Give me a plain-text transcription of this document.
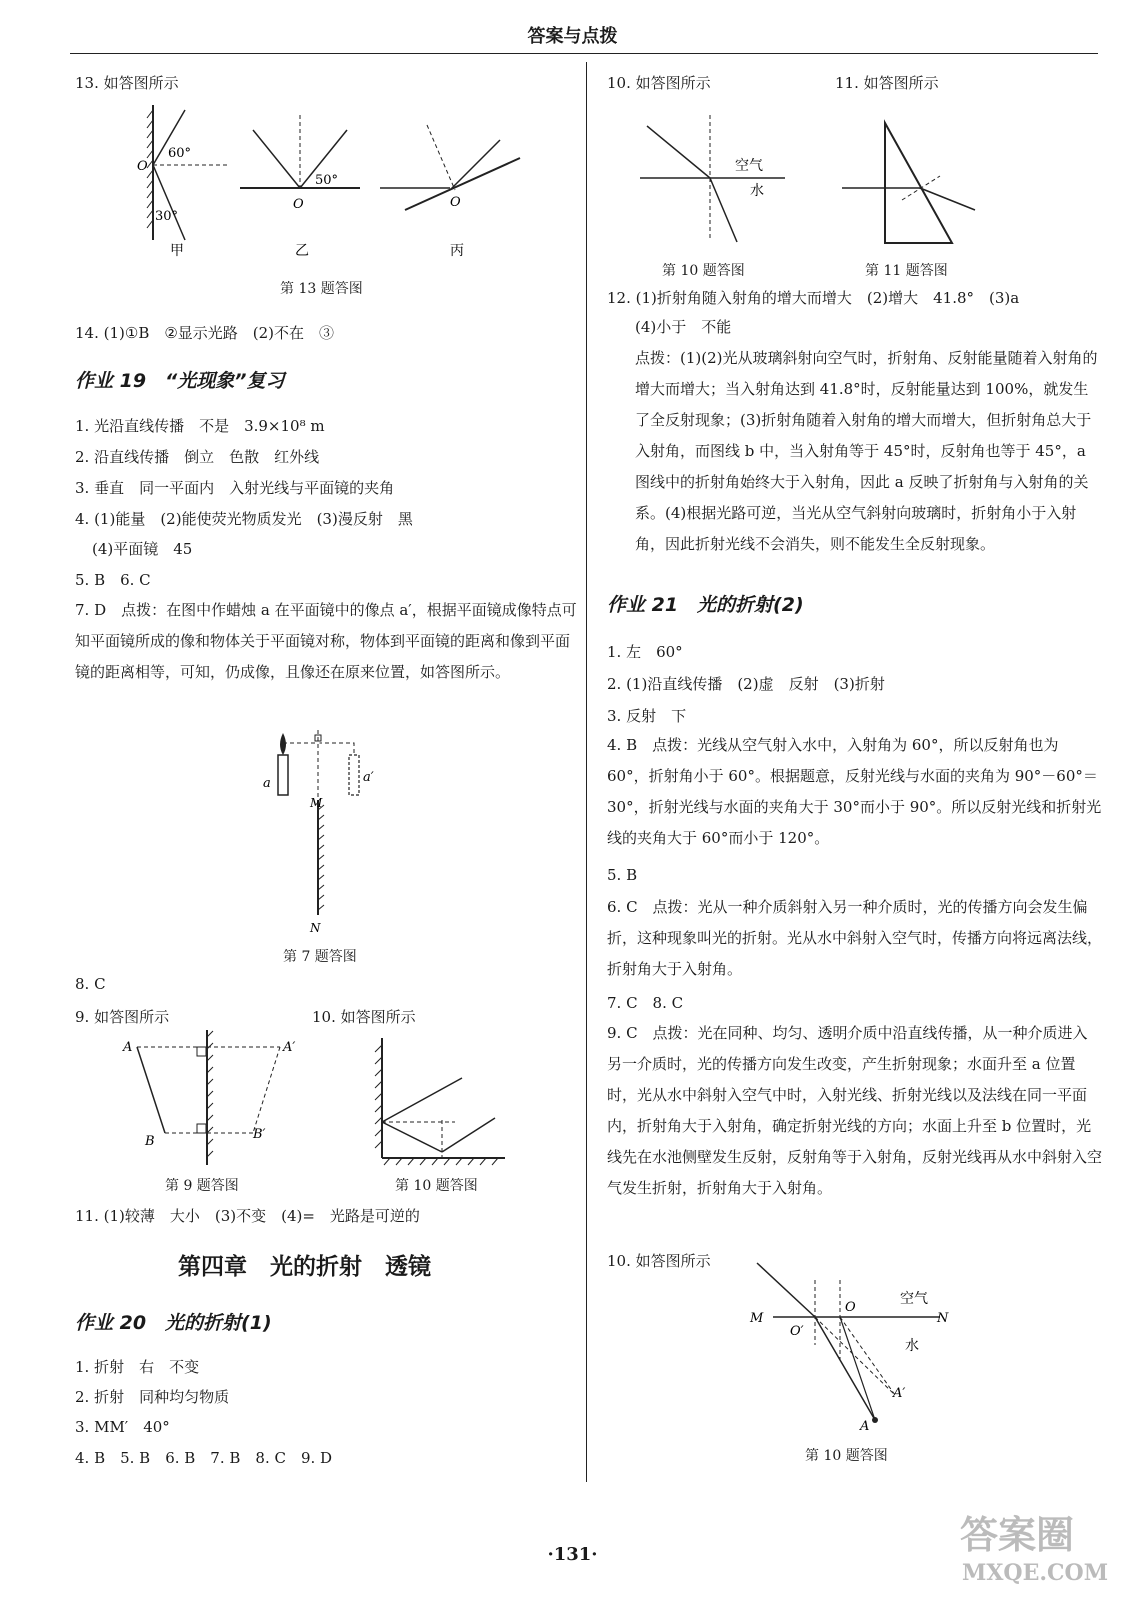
答案与点拨
13. 如答图所示
O
60°
30°
甲
50°
O
乙
O
丙
第 13 题答图
14. (1)①B　②显示光路　(2)不在　③
作业 19　“光现象”复习
1. 光沿直线传播　不是　3.9×10⁸ m
2. 沿直线传播　倒立　色散　红外线
3. 垂直　同一平面内　入射光线与平面镜的夹角
4. (1)能量　(2)能使荧光物质发光　(3)漫反射　黑
(4)平面镜　45
5. B　6. C
7. D　点拨：在图中作蜡烛 a 在平面镜中的像点 a′，根据平面镜成像特点可知平面镜所成的像和物体关于平面镜对称，物体到平面镜的距离和像到平面镜的距离相等，可知，仍成像，且像还在原来位置，如答图所示。
a	a′
M
N
第 7 题答图
8. C
9. 如答图所示	10. 如答图所示
A	A′
B	B′
第 9 题答图	第 10 题答图
11. (1)较薄　大小　(3)不变　(4)=　光路是可逆的
第四章　光的折射　透镜
作业 20　光的折射(1)
1. 折射　右　不变
2. 折射　同种均匀物质
3. MM′　40°
4. B　5. B　6. B　7. B　8. C　9. D
10. 如答图所示	11. 如答图所示
空气
水
第 10 题答图	第 11 题答图
12. (1)折射角随入射角的增大而增大　(2)增大　41.8°　(3)a
(4)小于　不能
点拨：(1)(2)光从玻璃斜射向空气时，折射角、反射能量随着入射角的增大而增大；当入射角达到 41.8°时，反射能量达到 100%，就发生了全反射现象；(3)折射角随着入射角的增大而增大，但折射角总大于入射角，而图线 b 中，当入射角等于 45°时，反射角也等于 45°，a 图线中的折射角始终大于入射角，因此 a 反映了折射角与入射角的关系。(4)根据光路可逆，当光从空气斜射向玻璃时，折射角小于入射角，因此折射光线不会消失，则不能发生全反射现象。
作业 21　光的折射(2)
1. 左　60°
2. (1)沿直线传播　(2)虚　反射　(3)折射
3. 反射　下
4. B　点拨：光线从空气射入水中，入射角为 60°，所以反射角也为 60°，折射角小于 60°。根据题意，反射光线与水面的夹角为 90°－60°＝30°，折射光线与水面的夹角大于 30°而小于 90°。所以反射光线和折射光线的夹角大于 60°而小于 120°。
5. B
6. C　点拨：光从一种介质斜射入另一种介质时，光的传播方向会发生偏折，这种现象叫光的折射。光从水中斜射入空气时，传播方向将远离法线，折射角大于入射角。
7. C　8. C
9. C　点拨：光在同种、均匀、透明介质中沿直线传播，从一种介质进入另一介质时，光的传播方向发生改变，产生折射现象；水面升至 a 位置时，光从水中斜射入空气中时，入射光线、折射光线以及法线在同一平面内，折射角大于入射角，确定折射光线的方向；水面上升至 b 位置时，光线先在水池侧壁发生反射，反射角等于入射角，反射光线再从水中斜射入空气发生折射，折射角大于入射角。
10. 如答图所示
M	N
O
O′
A
A′
空气
水
第 10 题答图
·131·	答案圈
MXQE.COM
